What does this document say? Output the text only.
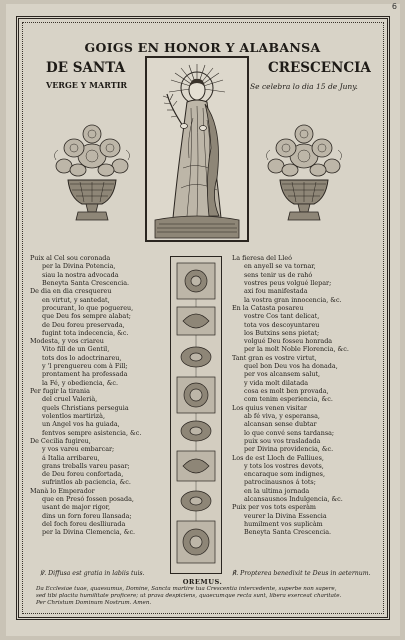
6
GOIGS EN HONOR Y ALABANSA
DE SANTA	CRESCENCIA
VERGE Y MARTIR	Se celebra lo dia 15 de Juny.
Puix al Cel sou coronada
per la Divina Potencia,
siau la nostra advocada
Beneyta Santa Crescencia.
De dia en dia cresquereu
en virtut, y santedat,
procurant, lo que poguereu,
que Deu fos sempre alabat;
de Deu foreu preservada,
fugint tota indecencia, &c.
Modesta, y vos criareu
Vito fill de un Gentil,
tots dos lo adoctrinareu,
y 'l prenguereu com à Fill;
prontament ha professada
la Fé, y obediencia, &c.
Per fugir la tirania
del cruel Valerià,
quels Christians perseguia
volentlos martirizà,
un Angel vos ha guiada,
fentvos sempre asistencia, &c.
De Cecilia fugireu,
y vos vareu embarcar;
á Italia arribareu,
grans treballs vareu pasar;
de Deu foreu confortada,
sufrintlos ab paciencia, &c.
Manà lo Emperador
que en Presó fossen posada,
usant de major rigor,
dins un forn foreu llansada;
del foch foreu deslliurada
per la Divina Clemencia, &c.
La fieresa del Lleó
en anyell se va tornar,
sens tenir us de rahó
vostres peus volgué llepar;
axi fou manifestada
la vostra gran innocencia, &c.
En la Catasta posareu
vostre Cos tant delicat,
tota vos descoyuntareu
los Butxins sens pietat;
volgué Deu fosseu honrada
per la molt Noble Florencia, &c.
Tant gran es vostre virtut,
quel bon Deu vos ha donada,
per vos alcansem salut,
y vida molt dilatada
cosa es molt ben provada,
com tenim esperiencia, &c.
Los quius venen visitar
ab fé viva, y esperansa,
alcansan sense dubtar
lo que convé sens tardansa;
puix sou vos trasladada
per Divina providencia, &c.
Los de est Lloch de Falliues,
y tots los vostres devots,
encaraque som indignes,
patrocinausnos á tots;
en la ultima jornada
alcansausnos Indulgencia, &c.
Puix per vos tots esperàm
veurer la Divina Essencia
humilment vos suplicàm
Beneyta Santa Crescencia.
℣. Diffusa est gratia in labiis tuis.	℟. Propterea benedixit te Deus in aeternum.
OREMUS.
Da Ecclesiae tuae, quaesumus, Domine, Sancta martire tua Crescentia intercedente, superbe non sapere,
sed tibi placita humilitate proficere; ut prava despiciens, quaecumque recta sunt, libera exerceat charitate.
Per Christum Dominum Nostrum. Amen.
